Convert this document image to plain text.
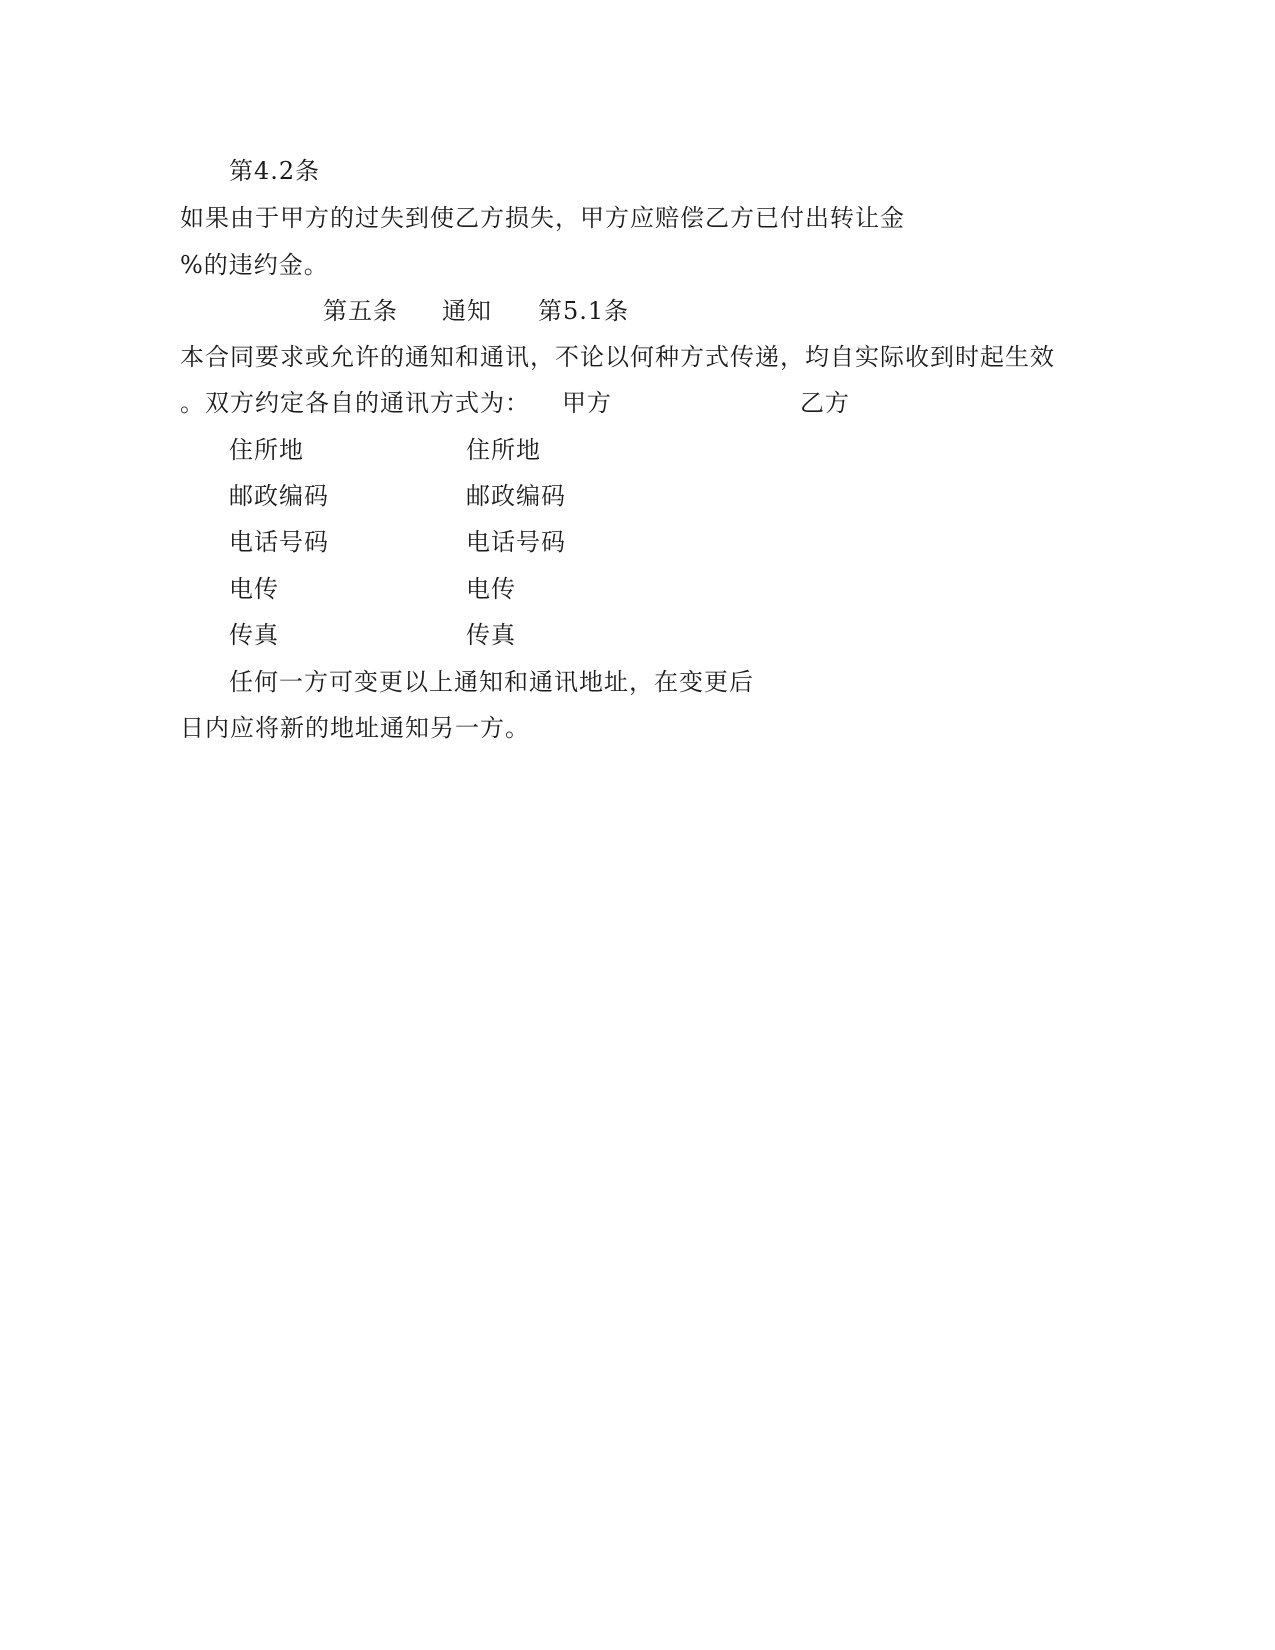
第4.2条
如果由于甲方的过失到使乙方损失，甲方应赔偿乙方已付出转让金
%的违约金。
第五条 通知 第5.1条
本合同要求或允许的通知和通讯，不论以何种方式传递，均自实际收到时起生效
。双方约定各自的通讯方式为： 甲方	乙方
住所地	住所地
邮政编码	邮政编码
电话号码	电话号码
电传	电传
传真	传真
任何一方可变更以上通知和通讯地址，在变更后
日内应将新的地址通知另一方。
